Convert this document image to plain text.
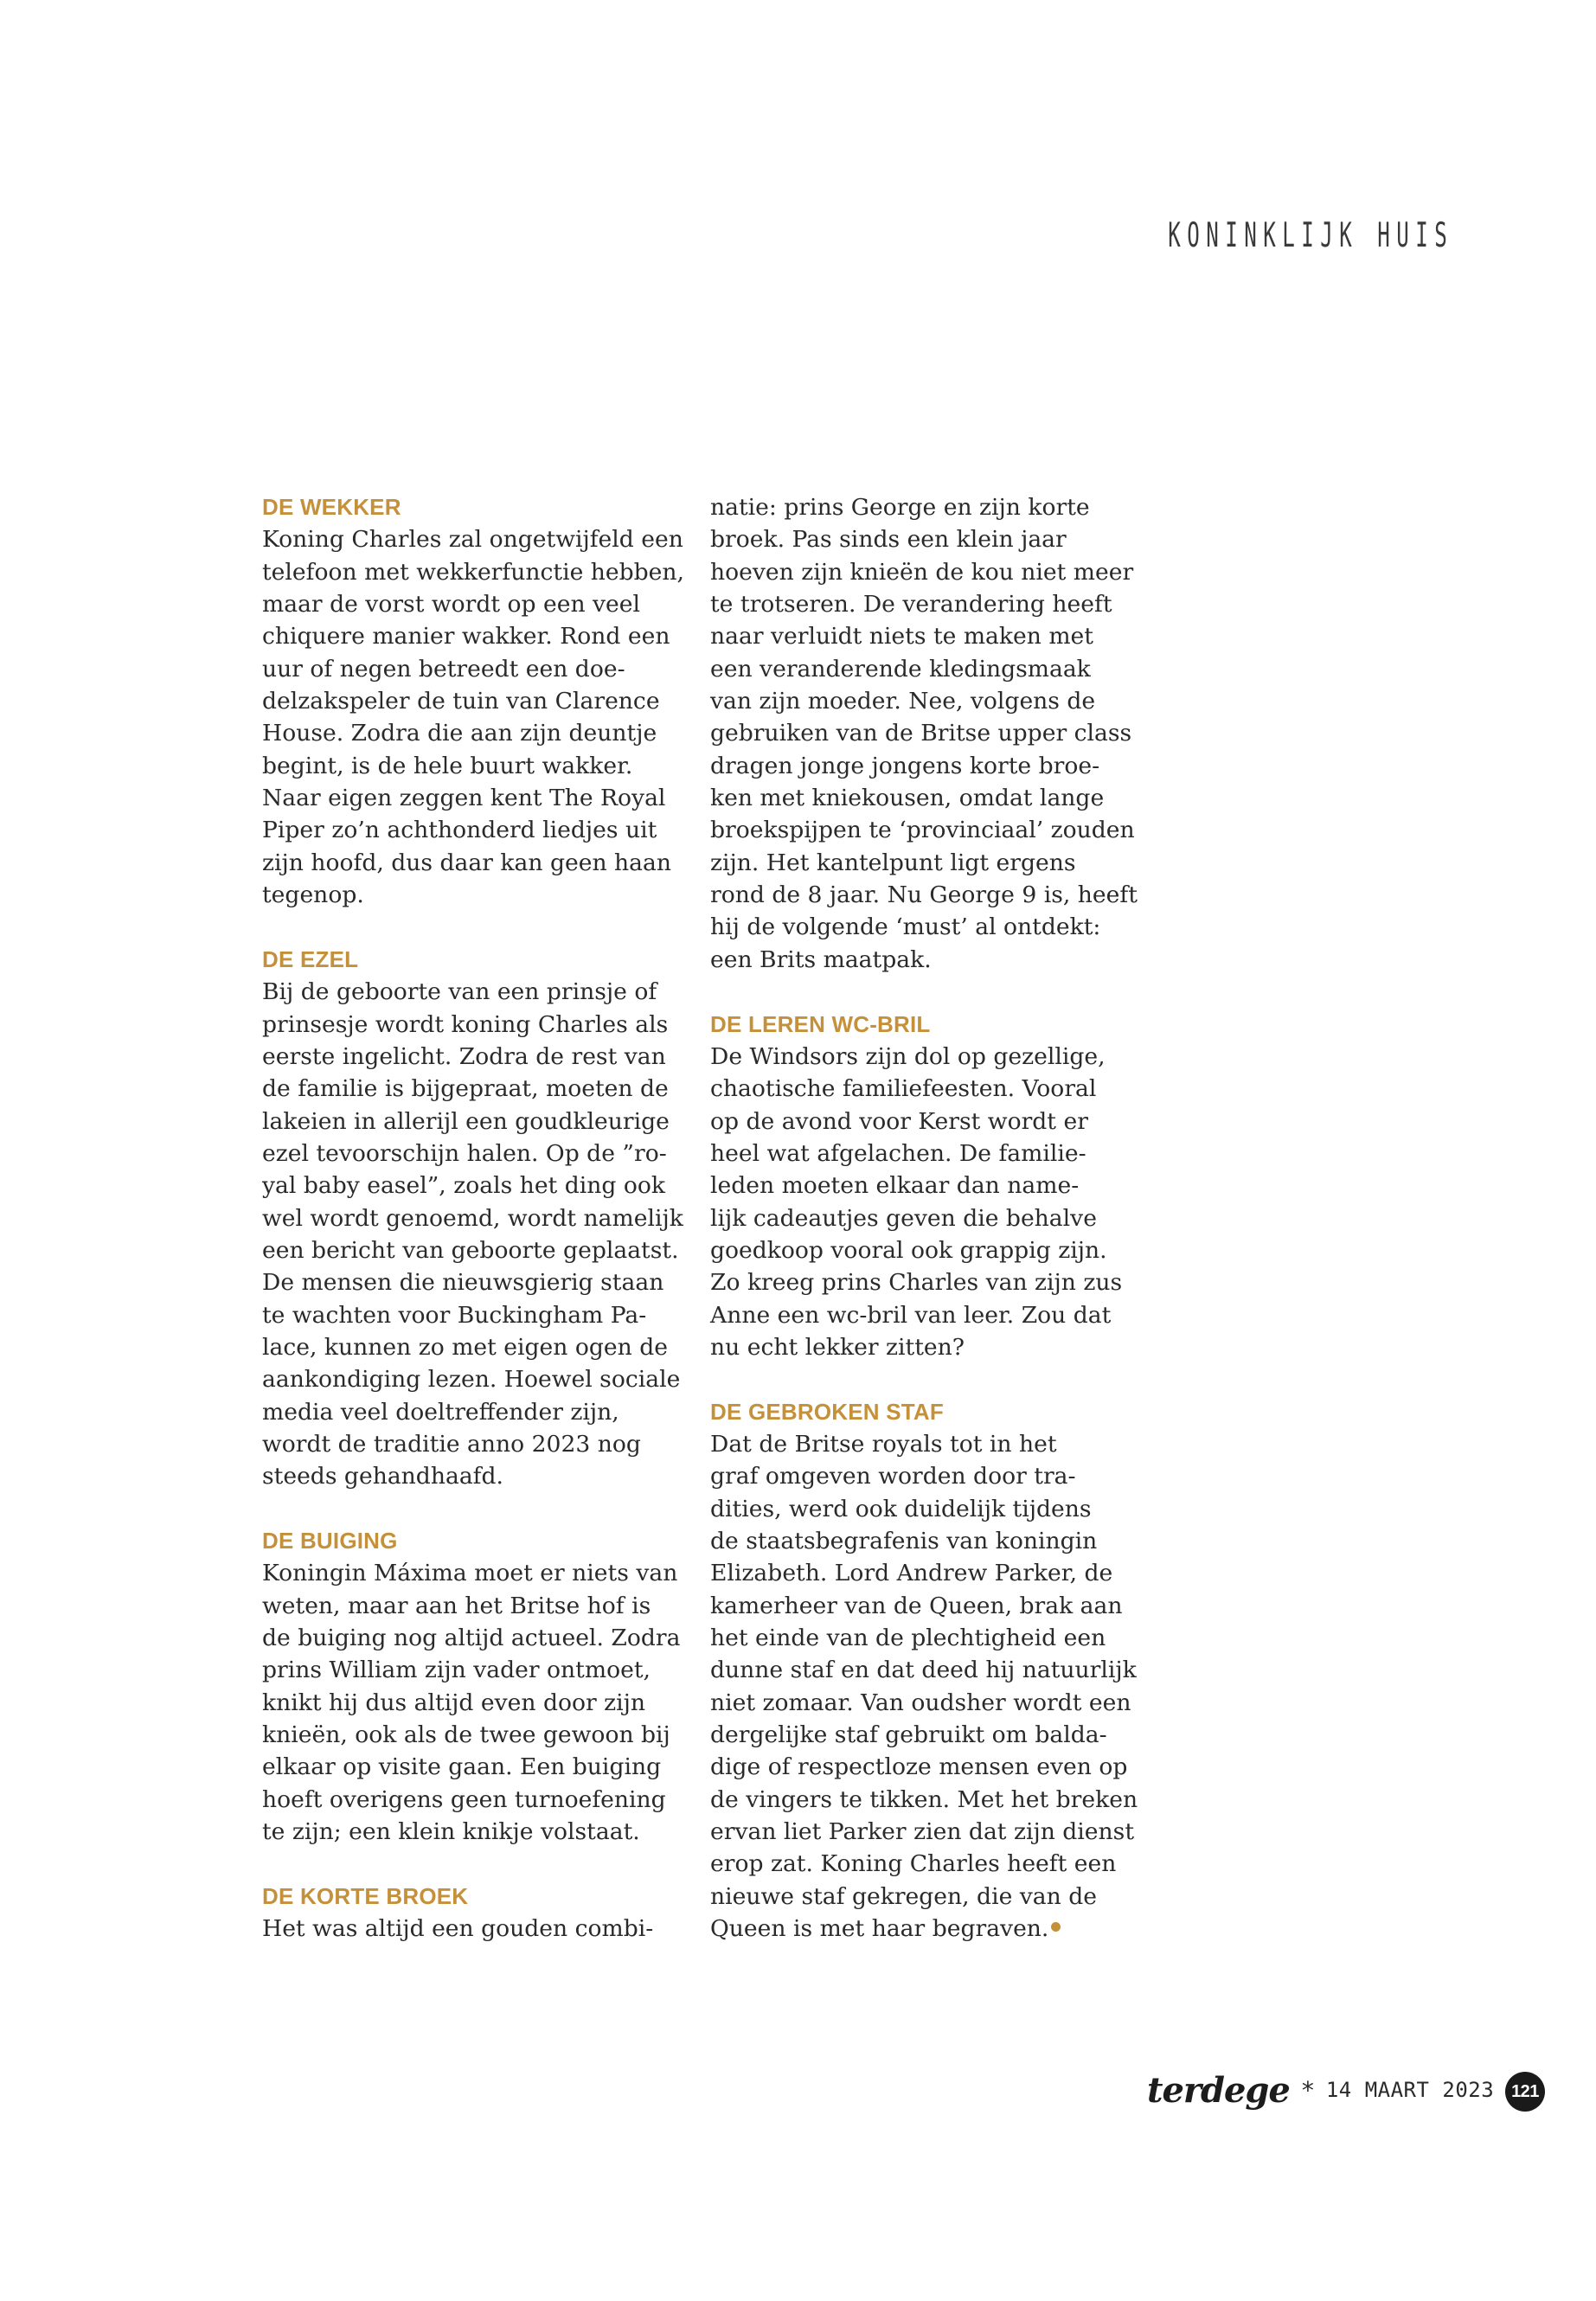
KONINKLIJK HUIS
DE WEKKER
Koning Charles zal ongetwijfeld een
telefoon met wekkerfunctie hebben,
maar de vorst wordt op een veel
chiquere manier wakker. Rond een
uur of negen betreedt een doe-
delzakspeler de tuin van Clarence
House. Zodra die aan zijn deuntje
begint, is de hele buurt wakker.
Naar eigen zeggen kent The Royal
Piper zo’n achthonderd liedjes uit
zijn hoofd, dus daar kan geen haan
tegenop.
DE EZEL
Bij de geboorte van een prinsje of
prinsesje wordt koning Charles als
eerste ingelicht. Zodra de rest van
de familie is bijgepraat, moeten de
lakeien in allerijl een goudkleurige
ezel tevoorschijn halen. Op de ”ro-
yal baby easel”, zoals het ding ook
wel wordt genoemd, wordt namelijk
een bericht van geboorte geplaatst.
De mensen die nieuwsgierig staan
te wachten voor Buckingham Pa-
lace, kunnen zo met eigen ogen de
aankondiging lezen. Hoewel sociale
media veel doeltreffender zijn,
wordt de traditie anno 2023 nog
steeds gehandhaafd.
DE BUIGING
Koningin Máxima moet er niets van
weten, maar aan het Britse hof is
de buiging nog altijd actueel. Zodra
prins William zijn vader ontmoet,
knikt hij dus altijd even door zijn
knieën, ook als de twee gewoon bij
elkaar op visite gaan. Een buiging
hoeft overigens geen turnoefening
te zijn; een klein knikje volstaat.
DE KORTE BROEK
Het was altijd een gouden combi-
natie: prins George en zijn korte
broek. Pas sinds een klein jaar
hoeven zijn knieën de kou niet meer
te trotseren. De verandering heeft
naar verluidt niets te maken met
een veranderende kledingsmaak
van zijn moeder. Nee, volgens de
gebruiken van de Britse upper class
dragen jonge jongens korte broe-
ken met kniekousen, omdat lange
broekspijpen te ‘provinciaal’ zouden
zijn. Het kantelpunt ligt ergens
rond de 8 jaar. Nu George 9 is, heeft
hij de volgende ‘must’ al ontdekt:
een Brits maatpak.
DE LEREN WC-BRIL
De Windsors zijn dol op gezellige,
chaotische familiefeesten. Vooral
op de avond voor Kerst wordt er
heel wat afgelachen. De familie-
leden moeten elkaar dan name-
lijk cadeautjes geven die behalve
goedkoop vooral ook grappig zijn.
Zo kreeg prins Charles van zijn zus
Anne een wc-bril van leer. Zou dat
nu echt lekker zitten?
DE GEBROKEN STAF
Dat de Britse royals tot in het
graf omgeven worden door tra-
dities, werd ook duidelijk tijdens
de staatsbegrafenis van koningin
Elizabeth. Lord Andrew Parker, de
kamerheer van de Queen, brak aan
het einde van de plechtigheid een
dunne staf en dat deed hij natuurlijk
niet zomaar. Van oudsher wordt een
dergelijke staf gebruikt om balda-
dige of respectloze mensen even op
de vingers te tikken. Met het breken
ervan liet Parker zien dat zijn dienst
erop zat. Koning Charles heeft een
nieuwe staf gekregen, die van de
Queen is met haar begraven.
terdege * 14 MAART 2023 121
